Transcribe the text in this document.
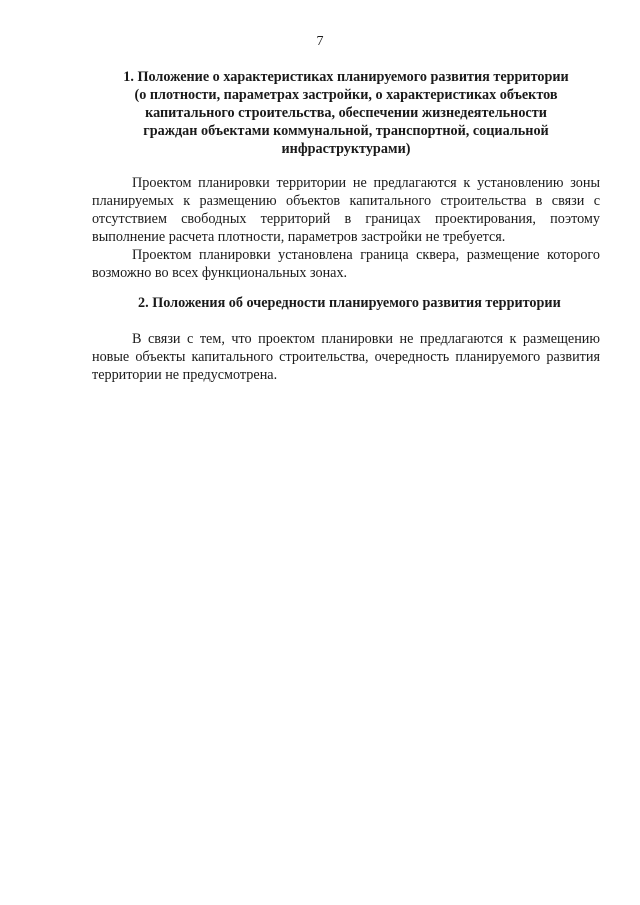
7

1. Положение о характеристиках планируемого развития территории
(о плотности, параметрах застройки, о характеристиках объектов
капитального строительства, обеспечении жизнедеятельности
граждан объектами коммунальной, транспортной, социальной
инфраструктурами)

Проектом планировки территории не предлагаются к установлению зоны планируемых к размещению объектов капитального строительства в связи с отсутствием свободных территорий в границах проектирования, поэтому выполнение расчета плотности, параметров застройки не требуется.

Проектом планировки установлена граница сквера, размещение которого возможно во всех функциональных зонах.

2. Положения об очередности планируемого развития территории

В связи с тем, что проектом планировки не предлагаются к размещению новые объекты капитального строительства, очередность планируемого развития территории не предусмотрена.
